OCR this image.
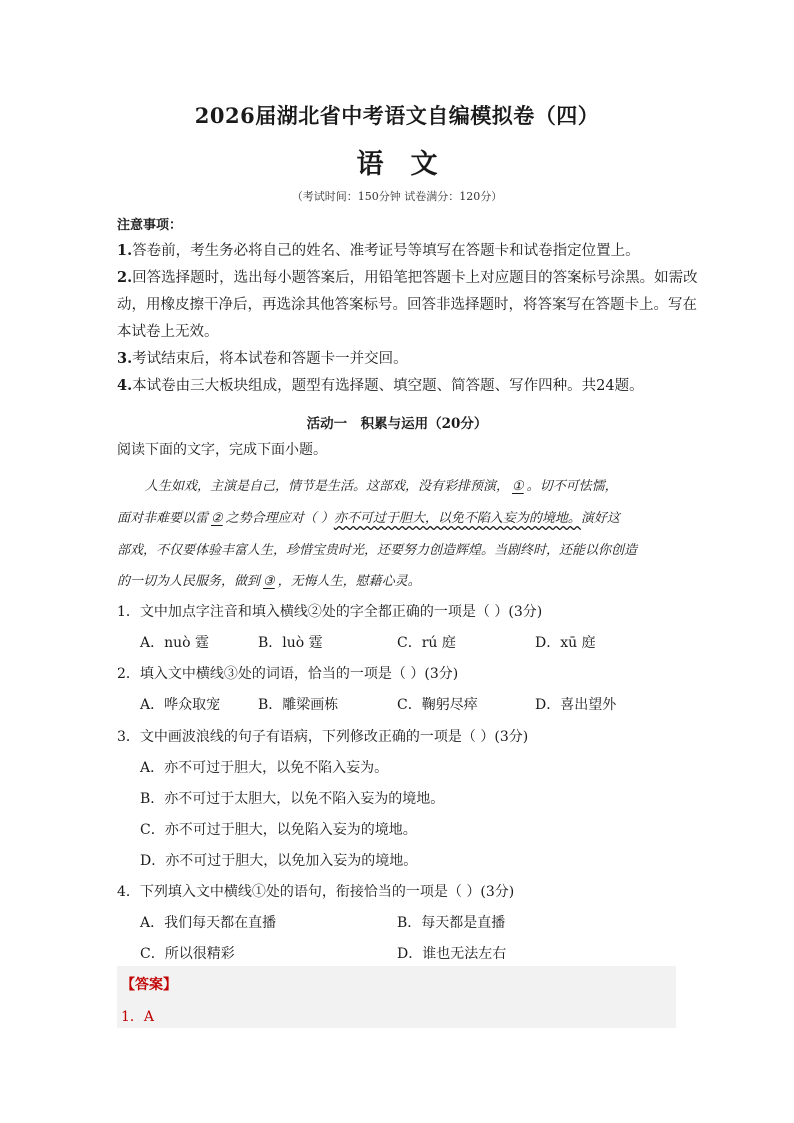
2026届湖北省中考语文自编模拟卷（四）
语　文
（考试时间：150分钟 试卷满分：120分）
注意事项：
1.答卷前，考生务必将自己的姓名、准考证号等填写在答题卡和试卷指定位置上。
2.回答选择题时，选出每小题答案后，用铅笔把答题卡上对应题目的答案标号涂黑。如需改
动，用橡皮擦干净后，再选涂其他答案标号。回答非选择题时，将答案写在答题卡上。写在
本试卷上无效。
3.考试结束后，将本试卷和答题卡一并交回。
4.本试卷由三大板块组成，题型有选择题、填空题、简答题、写作四种。共24题。
活动一　积累与运用（20分）
阅读下面的文字，完成下面小题。
人生如戏，主演是自己，情节是生活。这部戏，没有彩排预演， ① 。切不可怯懦，
面对非难要以雷 ② 之势合理应对（ ）亦不可过于胆大，以免不陷入妄为的境地。演好这
部戏，不仅要体验丰富人生，珍惜宝贵时光，还要努力创造辉煌。当剧终时，还能以你创造
的一切为人民服务，做到 ③ ，无悔人生，慰藉心灵。
1．文中加点字注音和填入横线②处的字全都正确的一项是（ ）(3分)
A．nuò 霆	B．luò 霆	C．rú 庭	D．xū 庭
2．填入文中横线③处的词语，恰当的一项是（ ）(3分)
A．哗众取宠	B．雕梁画栋	C．鞠躬尽瘁	D．喜出望外
3．文中画波浪线的句子有语病，下列修改正确的一项是（ ）(3分)
A．亦不可过于胆大，以免不陷入妄为。
B．亦不可过于太胆大，以免不陷入妄为的境地。
C．亦不可过于胆大，以免陷入妄为的境地。
D．亦不可过于胆大，以免加入妄为的境地。
4．下列填入文中横线①处的语句，衔接恰当的一项是（ ）(3分)
A．我们每天都在直播	B．每天都是直播
C．所以很精彩	D．谁也无法左右
【答案】
1．A
